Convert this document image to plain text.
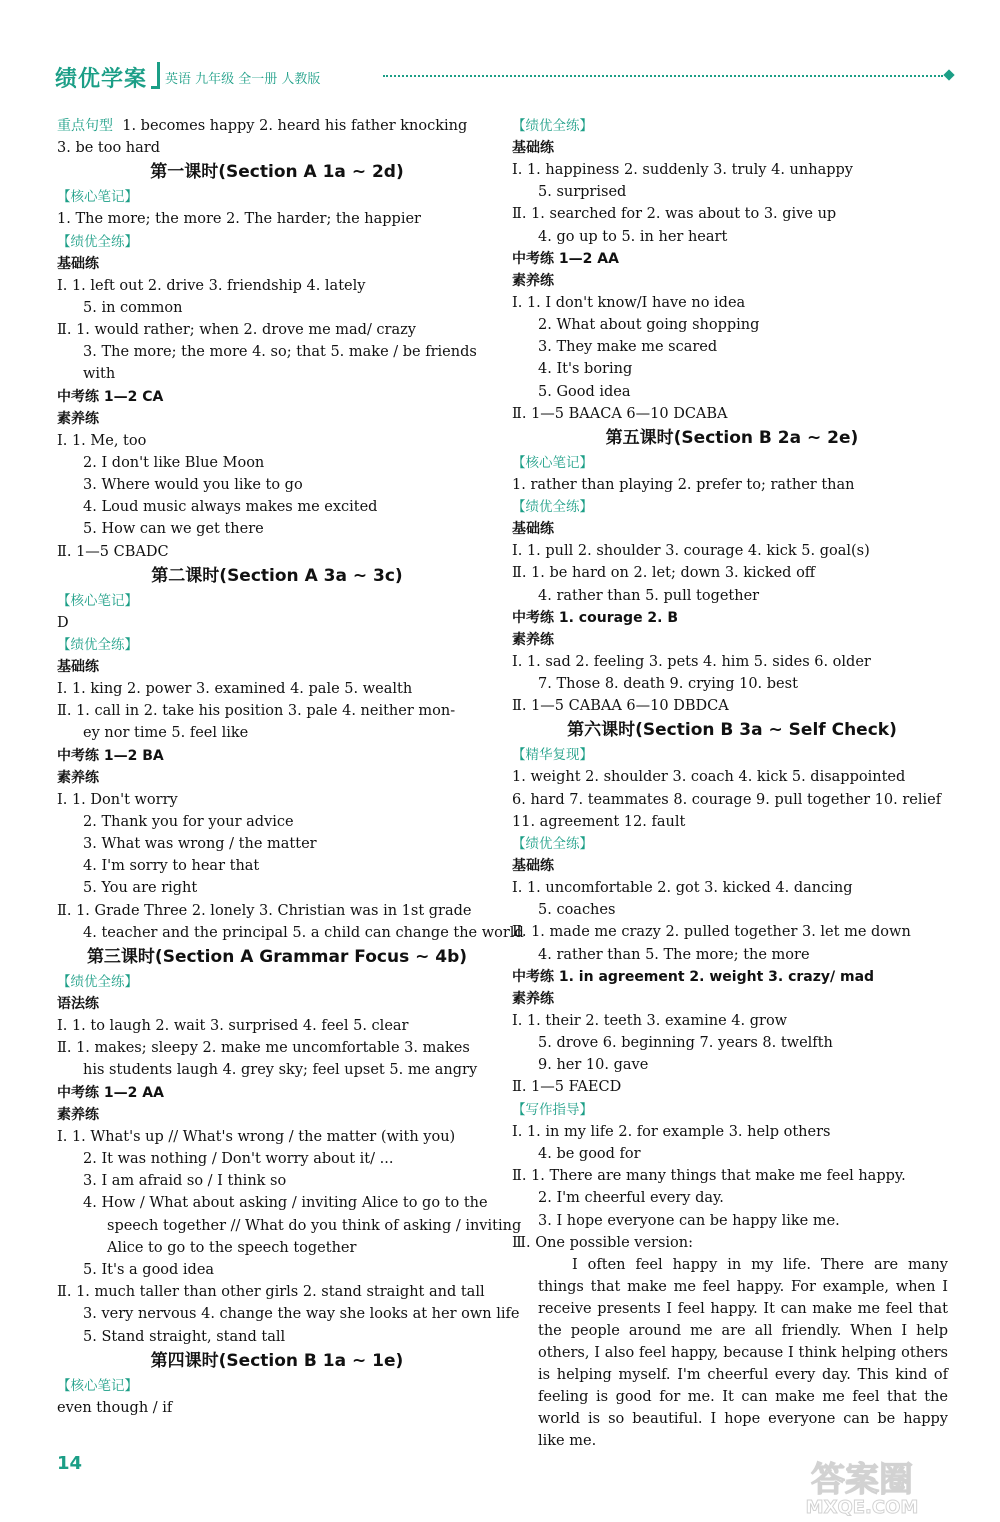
绩优学案 英语 九年级 全一册 人教版
重点句型 1. becomes happy 2. heard his father knocking
3. be too hard
第一课时(Section A 1a ~ 2d)
【核心笔记】
1. The more; the more 2. The harder; the happier
【绩优全练】
基础练
Ⅰ. 1. left out 2. drive 3. friendship 4. lately
5. in common
Ⅱ. 1. would rather; when 2. drove me mad/ crazy
3. The more; the more 4. so; that 5. make / be friends
with
中考练 1—2 CA
素养练
Ⅰ. 1. Me, too
2. I don't like Blue Moon
3. Where would you like to go
4. Loud music always makes me excited
5. How can we get there
Ⅱ. 1—5 CBADC
第二课时(Section A 3a ~ 3c)
【核心笔记】
D
【绩优全练】
基础练
Ⅰ. 1. king 2. power 3. examined 4. pale 5. wealth
Ⅱ. 1. call in 2. take his position 3. pale 4. neither mon-
ey nor time 5. feel like
中考练 1—2 BA
素养练
Ⅰ. 1. Don't worry
2. Thank you for your advice
3. What was wrong / the matter
4. I'm sorry to hear that
5. You are right
Ⅱ. 1. Grade Three 2. lonely 3. Christian was in 1st grade
4. teacher and the principal 5. a child can change the world
第三课时(Section A Grammar Focus ~ 4b)
【绩优全练】
语法练
Ⅰ. 1. to laugh 2. wait 3. surprised 4. feel 5. clear
Ⅱ. 1. makes; sleepy 2. make me uncomfortable 3. makes
his students laugh 4. grey sky; feel upset 5. me angry
中考练 1—2 AA
素养练
Ⅰ. 1. What's up // What's wrong / the matter (with you)
2. It was nothing / Don't worry about it/ ...
3. I am afraid so / I think so
4. How / What about asking / inviting Alice to go to the
speech together // What do you think of asking / inviting
Alice to go to the speech together
5. It's a good idea
Ⅱ. 1. much taller than other girls 2. stand straight and tall
3. very nervous 4. change the way she looks at her own life
5. Stand straight, stand tall
第四课时(Section B 1a ~ 1e)
【核心笔记】
even though / if
【绩优全练】
基础练
Ⅰ. 1. happiness 2. suddenly 3. truly 4. unhappy
5. surprised
Ⅱ. 1. searched for 2. was about to 3. give up
4. go up to 5. in her heart
中考练 1—2 AA
素养练
Ⅰ. 1. I don't know/I have no idea
2. What about going shopping
3. They make me scared
4. It's boring
5. Good idea
Ⅱ. 1—5 BAACA 6—10 DCABA
第五课时(Section B 2a ~ 2e)
【核心笔记】
1. rather than playing 2. prefer to; rather than
【绩优全练】
基础练
Ⅰ. 1. pull 2. shoulder 3. courage 4. kick 5. goal(s)
Ⅱ. 1. be hard on 2. let; down 3. kicked off
4. rather than 5. pull together
中考练 1. courage 2. B
素养练
Ⅰ. 1. sad 2. feeling 3. pets 4. him 5. sides 6. older
7. Those 8. death 9. crying 10. best
Ⅱ. 1—5 CABAA 6—10 DBDCA
第六课时(Section B 3a ~ Self Check)
【精华复现】
1. weight 2. shoulder 3. coach 4. kick 5. disappointed
6. hard 7. teammates 8. courage 9. pull together 10. relief
11. agreement 12. fault
【绩优全练】
基础练
Ⅰ. 1. uncomfortable 2. got 3. kicked 4. dancing
5. coaches
Ⅱ. 1. made me crazy 2. pulled together 3. let me down
4. rather than 5. The more; the more
中考练 1. in agreement 2. weight 3. crazy/ mad
素养练
Ⅰ. 1. their 2. teeth 3. examine 4. grow
5. drove 6. beginning 7. years 8. twelfth
9. her 10. gave
Ⅱ. 1—5 FAECD
【写作指导】
Ⅰ. 1. in my life 2. for example 3. help others
4. be good for
Ⅱ. 1. There are many things that make me feel happy.
2. I'm cheerful every day.
3. I hope everyone can be happy like me.
Ⅲ. One possible version:
I often feel happy in my life. There are many things that make me feel happy. For example, when I receive presents I feel happy. It can make me feel that the people around me are all friendly. When I help others, I also feel happy, because I think helping others is helping myself. I'm cheerful every day. This kind of feeling is good for me. It can make me feel that the world is so beautiful. I hope everyone can be happy like me.
14	答案圈
MXQE.COM
